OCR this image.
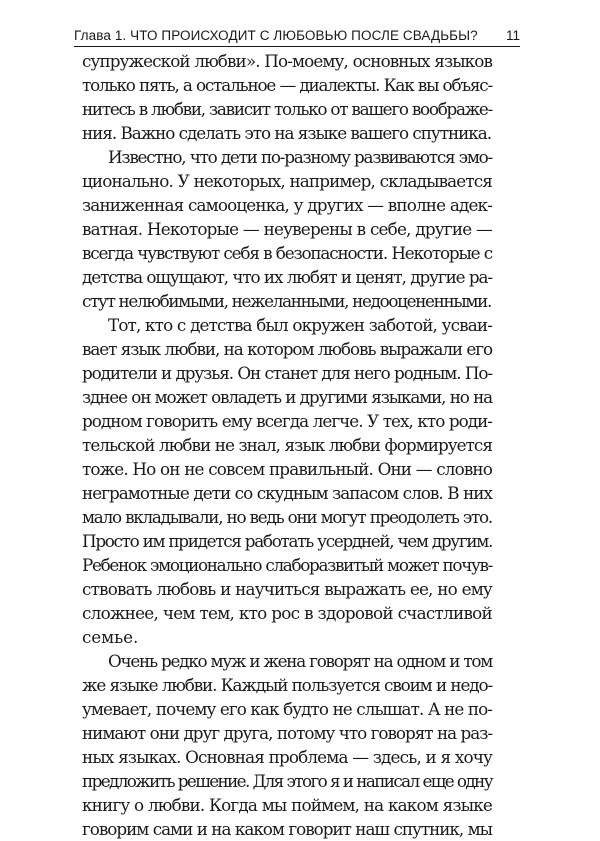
Глава 1. ЧТО ПРОИСХОДИТ С ЛЮБОВЬЮ ПОСЛЕ СВАДЬБЫ? 11
супружеской любви». По-моему, основных языков
только пять, а остальное — диалекты. Как вы объяс-
нитесь в любви, зависит только от вашего воображе-
ния. Важно сделать это на языке вашего спутника.
Известно, что дети по-разному развиваются эмо-
ционально. У некоторых, например, складывается
заниженная самооценка, у других — вполне адек-
ватная. Некоторые — неуверены в себе, другие —
всегда чувствуют себя в безопасности. Некоторые с
детства ощущают, что их любят и ценят, другие ра-
стут нелюбимыми, нежеланными, недооцененными.
Тот, кто с детства был окружен заботой, усваи-
вает язык любви, на котором любовь выражали его
родители и друзья. Он станет для него родным. По-
зднее он может овладеть и другими языками, но на
родном говорить ему всегда легче. У тех, кто роди-
тельской любви не знал, язык любви формируется
тоже. Но он не совсем правильный. Они — словно
неграмотные дети со скудным запасом слов. В них
мало вкладывали, но ведь они могут преодолеть это.
Просто им придется работать усердней, чем другим.
Ребенок эмоционально слаборазвитый может почув-
ствовать любовь и научиться выражать ее, но ему
сложнее, чем тем, кто рос в здоровой счастливой
семье.
Очень редко муж и жена говорят на одном и том
же языке любви. Каждый пользуется своим и недо-
умевает, почему его как будто не слышат. А не по-
нимают они друг друга, потому что говорят на раз-
ных языках. Основная проблема — здесь, и я хочу
предложить решение. Для этого я и написал еще одну
книгу о любви. Когда мы поймем, на каком языке
говорим сами и на каком говорит наш спутник, мы
